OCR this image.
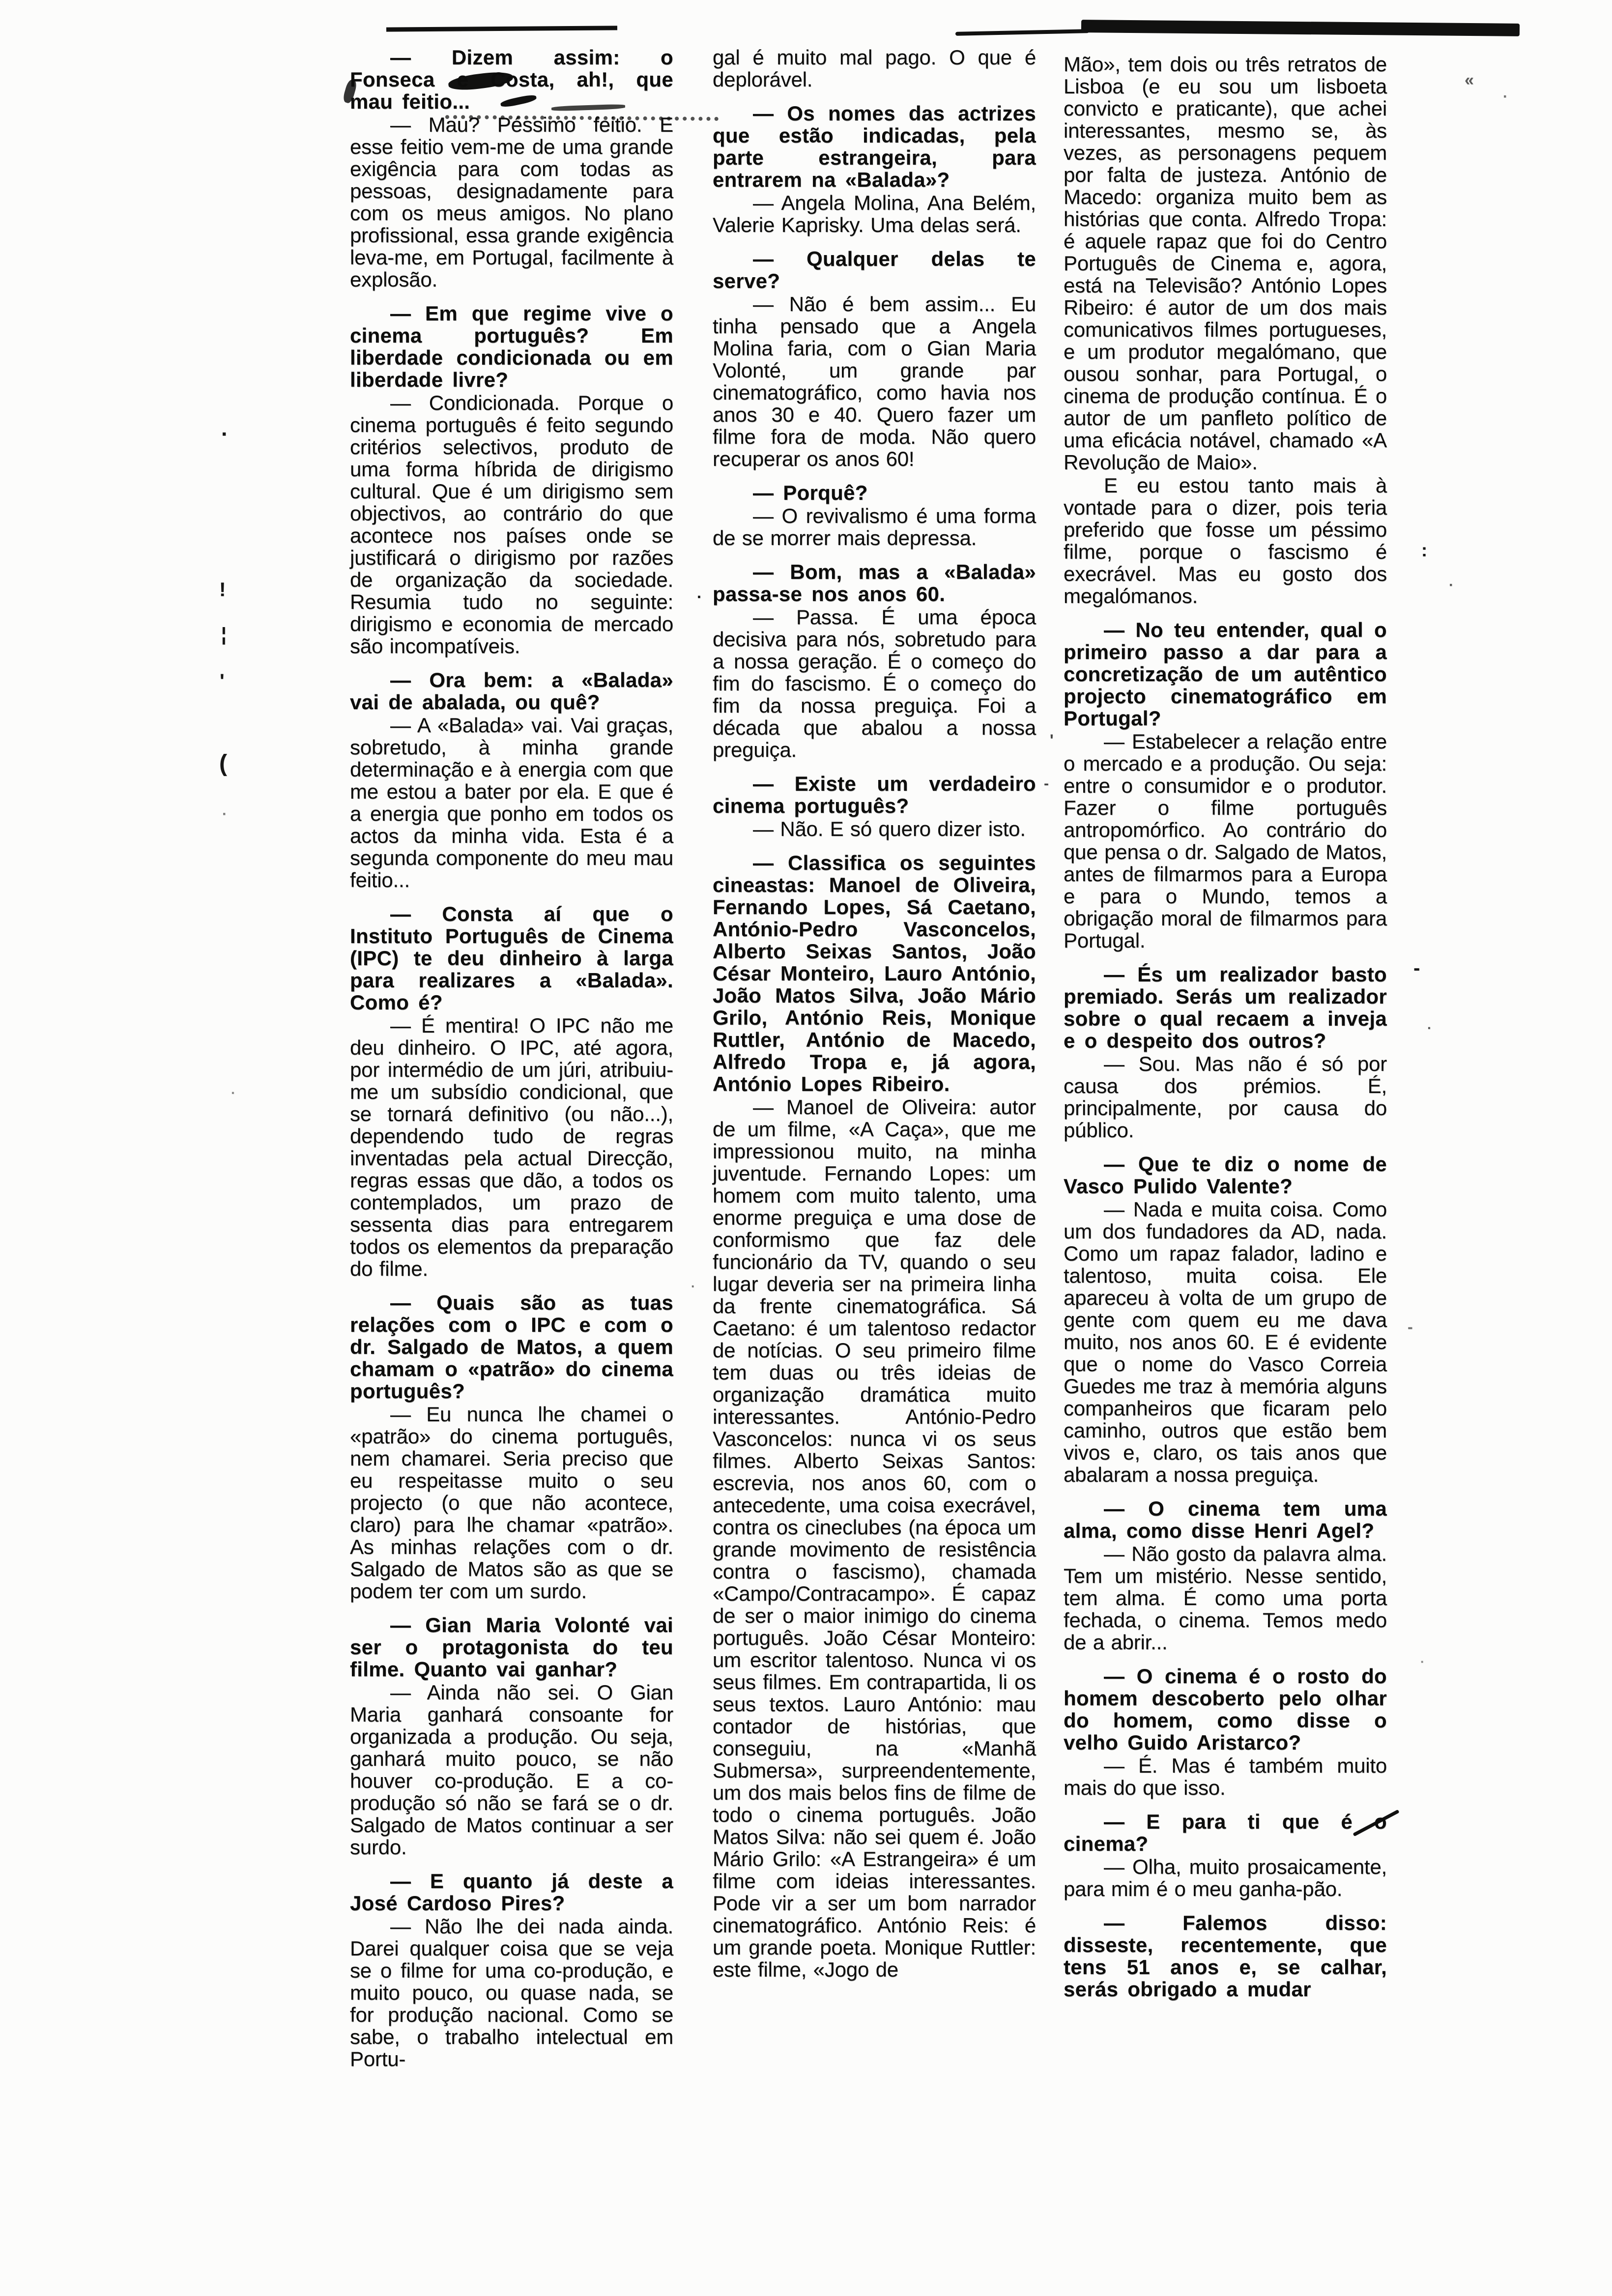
— Dizem assim: o Fonseca e Costa, ah!, que mau feitio...

— Mau? Péssimo feitio. E esse feitio vem-me de uma grande exigência para com todas as pessoas, designadamente para com os meus amigos. No plano profissional, essa grande exigência leva-me, em Portugal, facilmente à explosão.

— Em que regime vive o cinema português? Em liberdade condicionada ou em liberdade livre?

— Condicionada. Porque o cinema português é feito segundo critérios selectivos, produto de uma forma híbrida de dirigismo cultural. Que é um dirigismo sem objectivos, ao contrário do que acontece nos países onde se justificará o dirigismo por razões de organização da sociedade. Resumia tudo no seguinte: dirigismo e economia de mercado são incompatíveis.

— Ora bem: a «Balada» vai de abalada, ou quê?

— A «Balada» vai. Vai graças, sobretudo, à minha grande determinação e à energia com que me estou a bater por ela. E que é a energia que ponho em todos os actos da minha vida. Esta é a segunda componente do meu mau feitio...

— Consta aí que o Instituto Português de Cinema (IPC) te deu dinheiro à larga para realizares a «Balada». Como é?

— É mentira! O IPC não me deu dinheiro. O IPC, até agora, por intermédio de um júri, atribuiu-me um subsídio condicional, que se tornará definitivo (ou não...), dependendo tudo de regras inventadas pela actual Direcção, regras essas que dão, a todos os contemplados, um prazo de sessenta dias para entregarem todos os elementos da preparação do filme.

— Quais são as tuas relações com o IPC e com o dr. Salgado de Matos, a quem chamam o «patrão» do cinema português?

— Eu nunca lhe chamei o «patrão» do cinema português, nem chamarei. Seria preciso que eu respeitasse muito o seu projecto (o que não acontece, claro) para lhe chamar «patrão». As minhas relações com o dr. Salgado de Matos são as que se podem ter com um surdo.

— Gian Maria Volonté vai ser o protagonista do teu filme. Quanto vai ganhar?

— Ainda não sei. O Gian Maria ganhará consoante for organizada a produção. Ou seja, ganhará muito pouco, se não houver co-produção. E a co-produção só não se fará se o dr. Salgado de Matos continuar a ser surdo.

— E quanto já deste a José Cardoso Pires?

— Não lhe dei nada ainda. Darei qualquer coisa que se veja se o filme for uma co-produção, e muito pouco, ou quase nada, se for produção nacional. Como se sabe, o trabalho intelectual em Portu-

gal é muito mal pago. O que é deplorável.

— Os nomes das actrizes que estão indicadas, pela parte estrangeira, para entrarem na «Balada»?

— Angela Molina, Ana Belém, Valerie Kaprisky. Uma delas será.

— Qualquer delas te serve?

— Não é bem assim... Eu tinha pensado que a Angela Molina faria, com o Gian Maria Volonté, um grande par cinematográfico, como havia nos anos 30 e 40. Quero fazer um filme fora de moda. Não quero recuperar os anos 60!

— Porquê?

— O revivalismo é uma forma de se morrer mais depressa.

— Bom, mas a «Balada» passa-se nos anos 60.

— Passa. É uma época decisiva para nós, sobretudo para a nossa geração. É o começo do fim do fascismo. É o começo do fim da nossa preguiça. Foi a década que abalou a nossa preguiça.

— Existe um verdadeiro cinema português?

— Não. E só quero dizer isto.

— Classifica os seguintes cineastas: Manoel de Oliveira, Fernando Lopes, Sá Caetano, António-Pedro Vasconcelos, Alberto Seixas Santos, João César Monteiro, Lauro António, João Matos Silva, João Mário Grilo, António Reis, Monique Ruttler, António de Macedo, Alfredo Tropa e, já agora, António Lopes Ribeiro.

— Manoel de Oliveira: autor de um filme, «A Caça», que me impressionou muito, na minha juventude. Fernando Lopes: um homem com muito talento, uma enorme preguiça e uma dose de conformismo que faz dele funcionário da TV, quando o seu lugar deveria ser na primeira linha da frente cinematográfica. Sá Caetano: é um talentoso redactor de notícias. O seu primeiro filme tem duas ou três ideias de organização dramática muito interessantes. António-Pedro Vasconcelos: nunca vi os seus filmes. Alberto Seixas Santos: escrevia, nos anos 60, com o antecedente, uma coisa execrável, contra os cineclubes (na época um grande movimento de resistência contra o fascismo), chamada «Campo/Contracampo». É capaz de ser o maior inimigo do cinema português. João César Monteiro: um escritor talentoso. Nunca vi os seus filmes. Em contrapartida, li os seus textos. Lauro António: mau contador de histórias, que conseguiu, na «Manhã Submersa», surpreendentemente, um dos mais belos fins de filme de todo o cinema português. João Matos Silva: não sei quem é. João Mário Grilo: «A Estrangeira» é um filme com ideias interessantes. Pode vir a ser um bom narrador cinematográfico. António Reis: é um grande poeta. Monique Ruttler: este filme, «Jogo de

Mão», tem dois ou três retratos de Lisboa (e eu sou um lisboeta convicto e praticante), que achei interessantes, mesmo se, às vezes, as personagens pequem por falta de justeza. António de Macedo: organiza muito bem as histórias que conta. Alfredo Tropa: é aquele rapaz que foi do Centro Português de Cinema e, agora, está na Televisão? António Lopes Ribeiro: é autor de um dos mais comunicativos filmes portugueses, e um produtor megalómano, que ousou sonhar, para Portugal, o cinema de produção contínua. É o autor de um panfleto político de uma eficácia notável, chamado «A Revolução de Maio».

E eu estou tanto mais à vontade para o dizer, pois teria preferido que fosse um péssimo filme, porque o fascismo é execrável. Mas eu gosto dos megalómanos.

— No teu entender, qual o primeiro passo a dar para a concretização de um autêntico projecto cinematográfico em Portugal?

— Estabelecer a relação entre o mercado e a produção. Ou seja: entre o consumidor e o produtor. Fazer o filme português antropomórfico. Ao contrário do que pensa o dr. Salgado de Matos, antes de filmarmos para a Europa e para o Mundo, temos a obrigação moral de filmarmos para Portugal.

— És um realizador basto premiado. Serás um realizador sobre o qual recaem a inveja e o despeito dos outros?

— Sou. Mas não é só por causa dos prémios. É, principalmente, por causa do público.

— Que te diz o nome de Vasco Pulido Valente?

— Nada e muita coisa. Como um dos fundadores da AD, nada. Como um rapaz falador, ladino e talentoso, muita coisa. Ele apareceu à volta de um grupo de gente com quem eu me dava muito, nos anos 60. E é evidente que o nome do Vasco Correia Guedes me traz à memória alguns companheiros que ficaram pelo caminho, outros que estão bem vivos e, claro, os tais anos que abalaram a nossa preguiça.

— O cinema tem uma alma, como disse Henri Agel?

— Não gosto da palavra alma. Tem um mistério. Nesse sentido, tem alma. É como uma porta fechada, o cinema. Temos medo de a abrir...

— O cinema é o rosto do homem descoberto pelo olhar do homem, como disse o velho Guido Aristarco?

— É. Mas é também muito mais do que isso.

— E para ti que é o cinema?

— Olha, muito prosaicamente, para mim é o meu ganha-pão.

— Falemos disso: disseste, recentemente, que tens 51 anos e, se calhar, serás obrigado a mudar

·
!
¦
'
(
·
«
·
:
·
-
·
-
.
·
'
-
·
·
